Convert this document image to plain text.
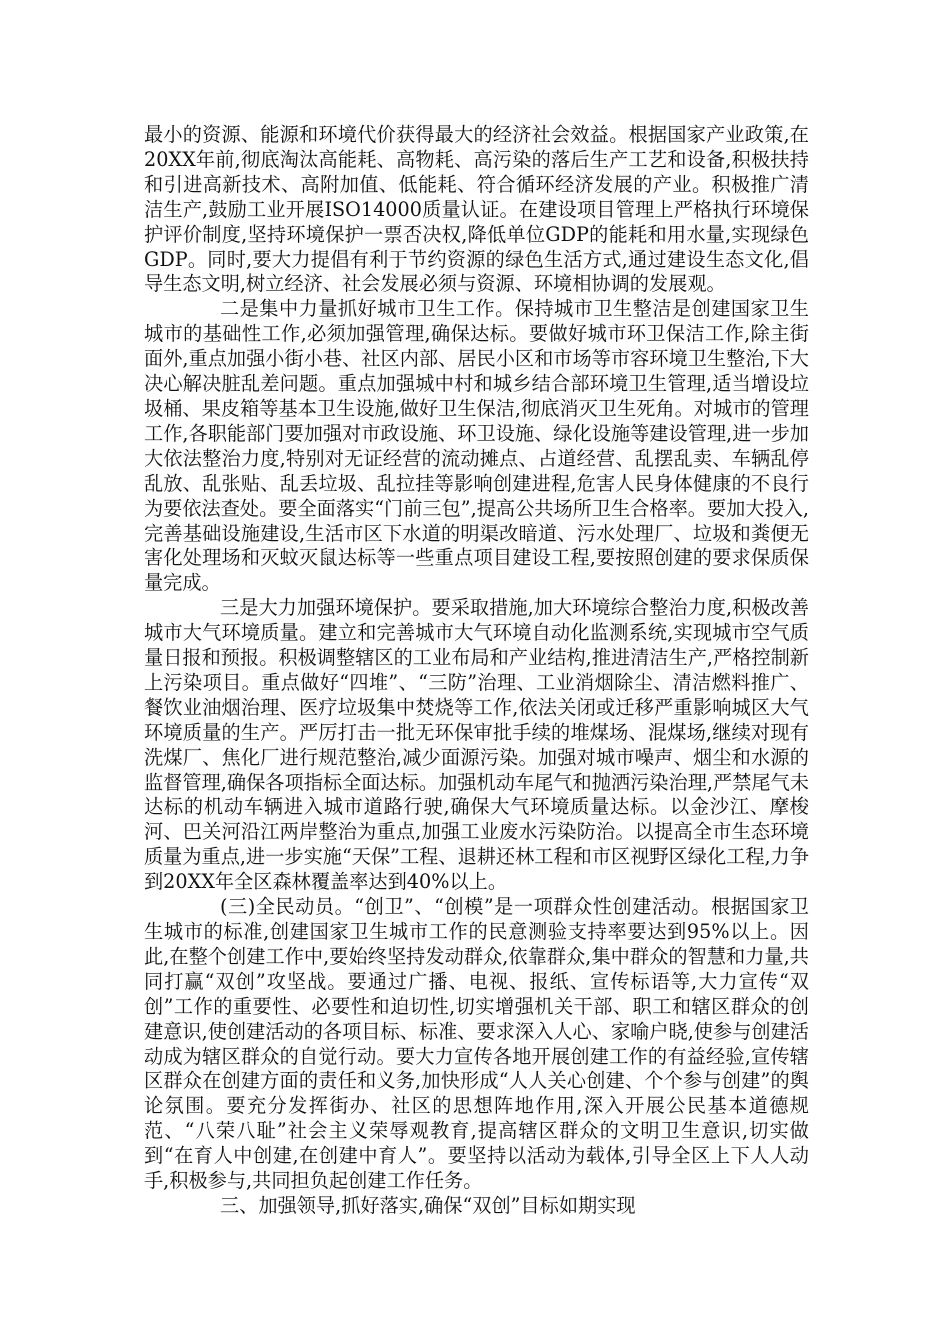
最小的资源、能源和环境代价获得最大的经济社会效益。根据国家产业政策,在20XX年前,彻底淘汰高能耗、高物耗、高污染的落后生产工艺和设备,积极扶持和引进高新技术、高附加值、低能耗、符合循环经济发展的产业。积极推广清洁生产,鼓励工业开展ISO14000质量认证。在建设项目管理上严格执行环境保护评价制度,坚持环境保护一票否决权,降低单位GDP的能耗和用水量,实现绿色GDP。同时,要大力提倡有利于节约资源的绿色生活方式,通过建设生态文化,倡导生态文明,树立经济、社会发展必须与资源、环境相协调的发展观。

二是集中力量抓好城市卫生工作。保持城市卫生整洁是创建国家卫生城市的基础性工作,必须加强管理,确保达标。要做好城市环卫保洁工作,除主街面外,重点加强小街小巷、社区内部、居民小区和市场等市容环境卫生整治,下大决心解决脏乱差问题。重点加强城中村和城乡结合部环境卫生管理,适当增设垃圾桶、果皮箱等基本卫生设施,做好卫生保洁,彻底消灭卫生死角。对城市的管理工作,各职能部门要加强对市政设施、环卫设施、绿化设施等建设管理,进一步加大依法整治力度,特别对无证经营的流动摊点、占道经营、乱摆乱卖、车辆乱停乱放、乱张贴、乱丢垃圾、乱拉挂等影响创建进程,危害人民身体健康的不良行为要依法查处。要全面落实“门前三包”,提高公共场所卫生合格率。要加大投入,完善基础设施建设,生活市区下水道的明渠改暗道、污水处理厂、垃圾和粪便无害化处理场和灭蚊灭鼠达标等一些重点项目建设工程,要按照创建的要求保质保量完成。

三是大力加强环境保护。要采取措施,加大环境综合整治力度,积极改善城市大气环境质量。建立和完善城市大气环境自动化监测系统,实现城市空气质量日报和预报。积极调整辖区的工业布局和产业结构,推进清洁生产,严格控制新上污染项目。重点做好“四堆”、“三防”治理、工业消烟除尘、清洁燃料推广、餐饮业油烟治理、医疗垃圾集中焚烧等工作,依法关闭或迁移严重影响城区大气环境质量的生产。严厉打击一批无环保审批手续的堆煤场、混煤场,继续对现有洗煤厂、焦化厂进行规范整治,减少面源污染。加强对城市噪声、烟尘和水源的监督管理,确保各项指标全面达标。加强机动车尾气和抛洒污染治理,严禁尾气未达标的机动车辆进入城市道路行驶,确保大气环境质量达标。以金沙江、摩梭河、巴关河沿江两岸整治为重点,加强工业废水污染防治。以提高全市生态环境质量为重点,进一步实施“天保”工程、退耕还林工程和市区视野区绿化工程,力争到20XX年全区森林覆盖率达到40%以上。

(三)全民动员。“创卫”、“创模”是一项群众性创建活动。根据国家卫生城市的标准,创建国家卫生城市工作的民意测验支持率要达到95%以上。因此,在整个创建工作中,要始终坚持发动群众,依靠群众,集中群众的智慧和力量,共同打赢“双创”攻坚战。要通过广播、电视、报纸、宣传标语等,大力宣传“双创”工作的重要性、必要性和迫切性,切实增强机关干部、职工和辖区群众的创建意识,使创建活动的各项目标、标准、要求深入人心、家喻户晓,使参与创建活动成为辖区群众的自觉行动。要大力宣传各地开展创建工作的有益经验,宣传辖区群众在创建方面的责任和义务,加快形成“人人关心创建、个个参与创建”的舆论氛围。要充分发挥街办、社区的思想阵地作用,深入开展公民基本道德规范、“八荣八耻”社会主义荣辱观教育,提高辖区群众的文明卫生意识,切实做到“在育人中创建,在创建中育人”。要坚持以活动为载体,引导全区上下人人动手,积极参与,共同担负起创建工作任务。

三、加强领导,抓好落实,确保“双创”目标如期实现
